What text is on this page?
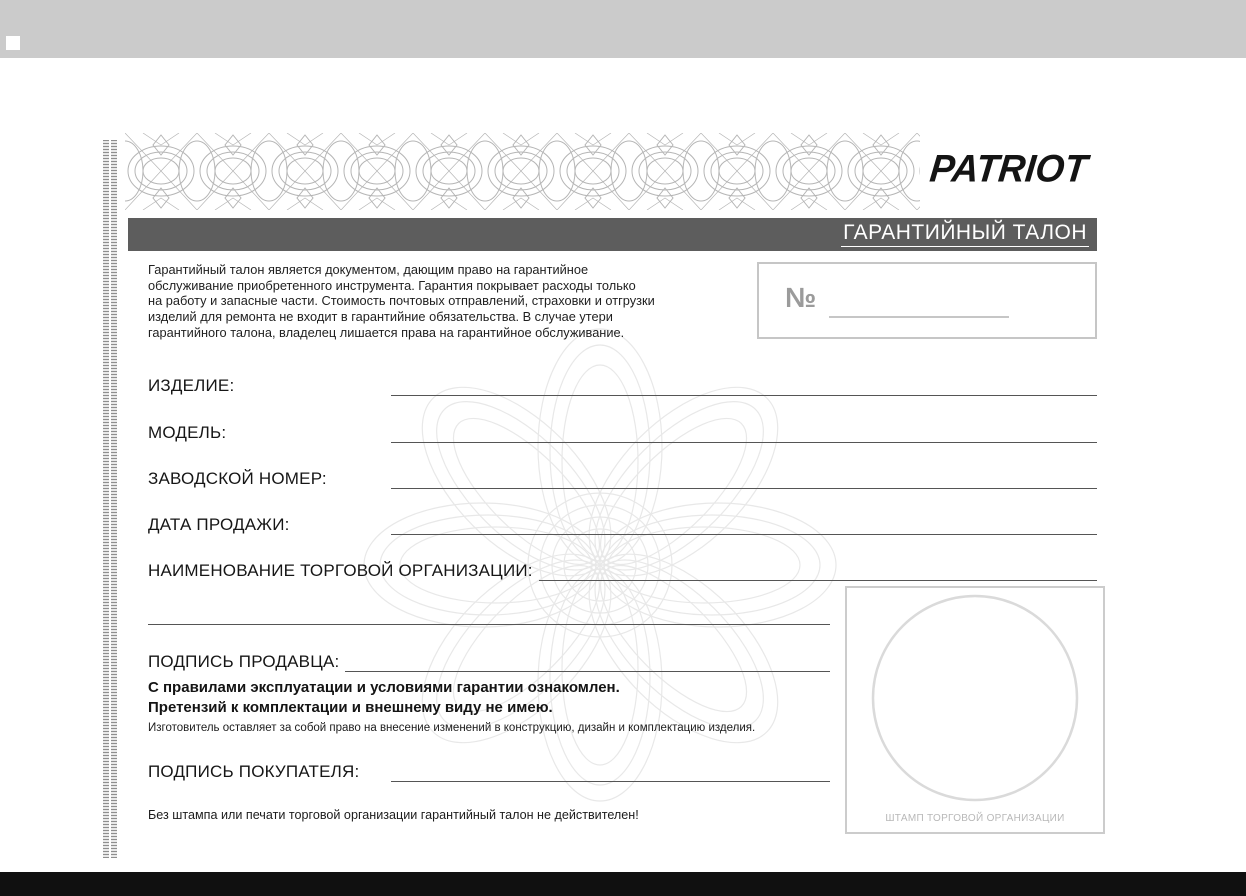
PATRIOT
ГАРАНТИЙНЫЙ ТАЛОН
Гарантийный талон является документом, дающим право на гарантийное
обслуживание приобретенного инструмента. Гарантия покрывает расходы только
на работу и запасные части. Стоимость почтовых отправлений, страховки и отгрузки
изделий для ремонта не входит в гарантийние обязательства. В случае утери
гарантийного талона, владелец лишается права на гарантийное обслуживание.
№
ИЗДЕЛИЕ:
МОДЕЛЬ:
ЗАВОДСКОЙ НОМЕР:
ДАТА ПРОДАЖИ:
НАИМЕНОВАНИЕ ТОРГОВОЙ ОРГАНИЗАЦИИ:
ПОДПИСЬ ПРОДАВЦА:
С правилами эксплуатации и условиями гарантии ознакомлен.
Претензий к комплектации и внешнему виду не имею.
Изготовитель оставляет за собой право на внесение изменений в конструкцию, дизайн и комплектацию изделия.
ПОДПИСЬ ПОКУПАТЕЛЯ:
Без штампа или печати торговой организации гарантийный талон не действителен!	ШТАМП ТОРГОВОЙ ОРГАНИЗАЦИИ
